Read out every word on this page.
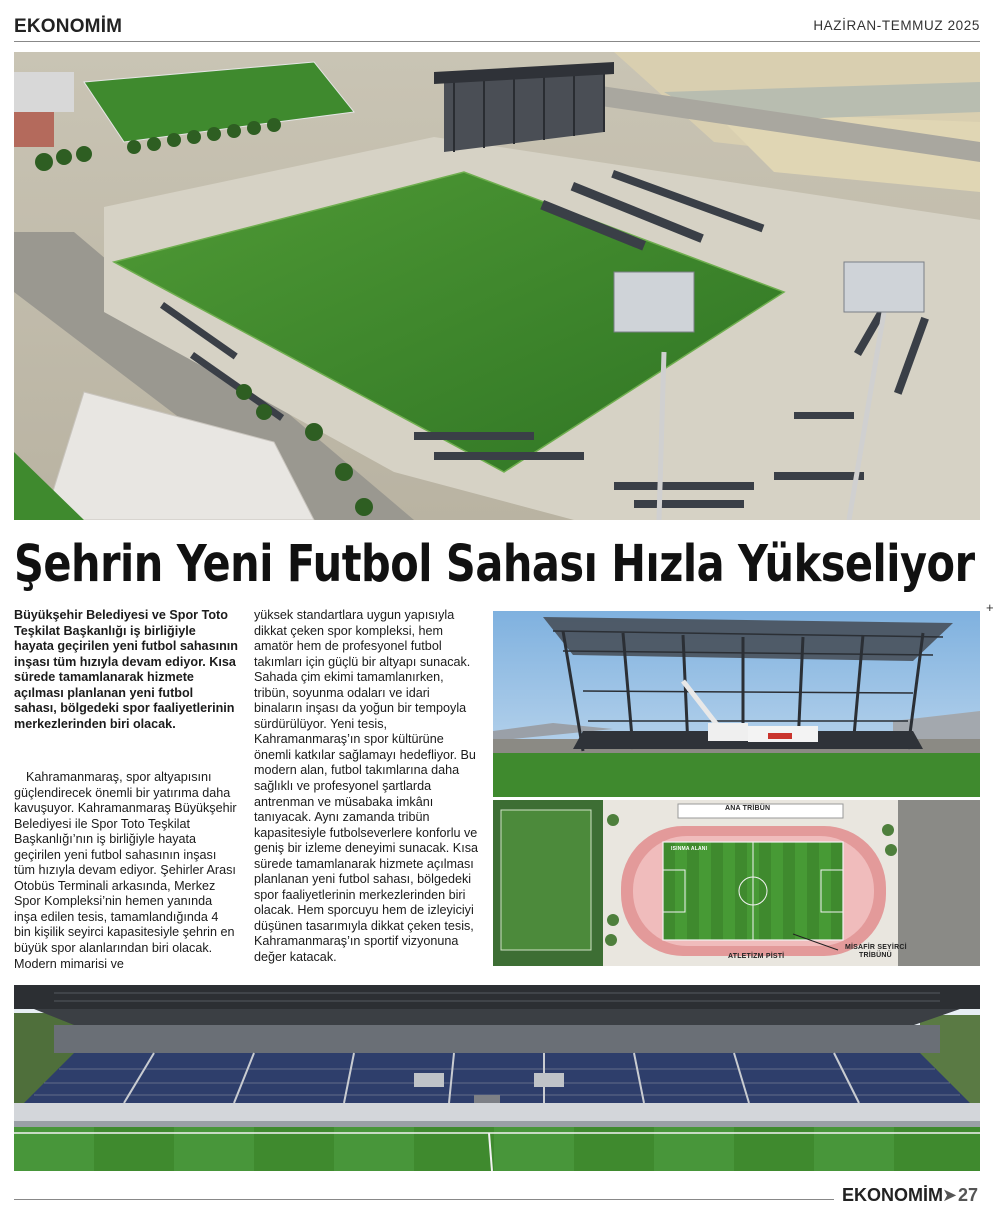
EKONOMİM	HAZİRAN-TEMMUZ 2025
Şehrin Yeni Futbol Sahası Hızla Yükseliyor
+

Büyükşehir Belediyesi ve Spor Toto Teşkilat Başkanlığı iş birliğiyle hayata geçirilen yeni futbol sahasının inşası tüm hızıyla devam ediyor. Kısa sürede tamamlanarak hizmete açılması planlanan yeni futbol sahası, bölgedeki spor faaliyetlerinin merkezlerinden biri olacak.

Kahramanmaraş, spor altyapısını güçlendirecek önemli bir yatırıma daha kavuşuyor. Kahramanmaraş Büyükşehir Belediyesi ile Spor Toto Teşkilat Başkanlığı’nın iş birliğiyle hayata geçirilen yeni futbol sahasının inşası tüm hızıyla devam ediyor. Şehirler Arası Otobüs Terminali arkasında, Merkez Spor Kompleksi’nin hemen yanında inşa edilen tesis, tamamlandığında 4 bin kişilik seyirci kapasitesiyle şehrin en büyük spor alanlarından biri olacak. Modern mimarisi ve

yüksek standartlara uygun yapısıyla dikkat çeken spor kompleksi, hem amatör hem de profesyonel futbol takımları için güçlü bir altyapı sunacak. Sahada çim ekimi tamamlanırken, tribün, soyunma odaları ve idari binaların inşası da yoğun bir tempoyla sürdürülüyor. Yeni tesis, Kahramanmaraş’ın spor kültürüne önemli katkılar sağlamayı hedefliyor. Bu modern alan, futbol takımlarına daha sağlıklı ve profesyonel şartlarda antrenman ve müsabaka imkânı tanıyacak. Aynı zamanda tribün kapasitesiyle futbolseverlere konforlu ve geniş bir izleme deneyimi sunacak. Kısa sürede tamamlanarak hizmete açılması planlanan yeni futbol sahası, bölgedeki spor faaliyetlerinin merkezlerinden biri olacak. Hem sporcuyu hem de izleyiciyi düşünen tasarımıyla dikkat çeken tesis, Kahramanmaraş’ın sportif vizyonuna değer katacak.

ANA TRİBÜN
ISINMA ALANI
ATLETİZM PİSTİ
MİSAFİR SEYİRCİ
TRİBÜNÜ
EKONOMİM ➤ 27
